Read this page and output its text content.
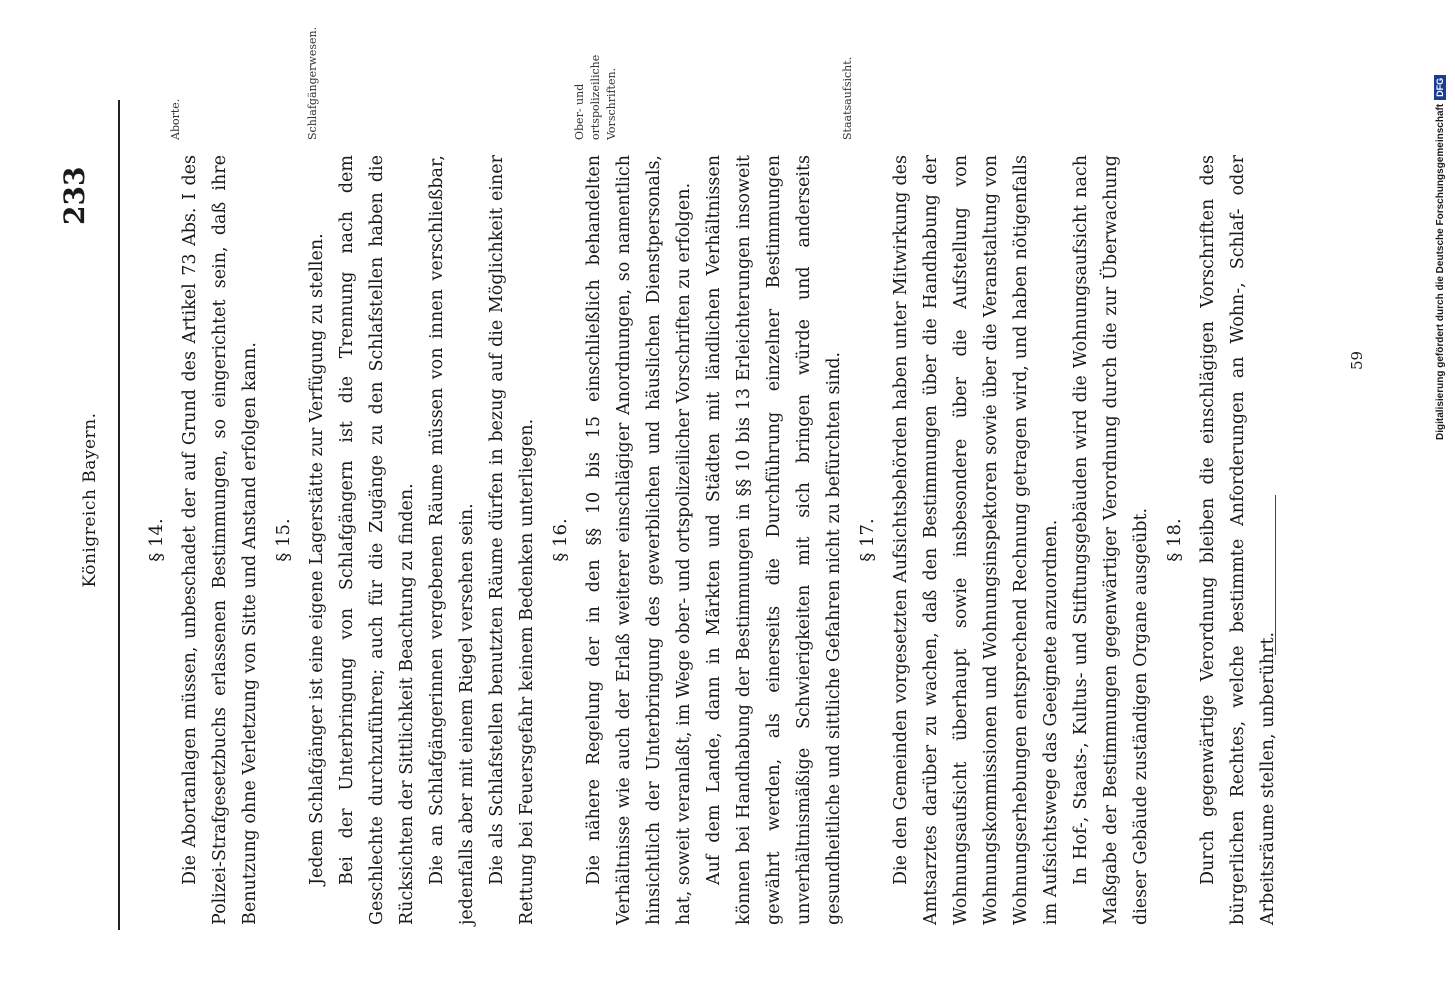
Königreich Bayern.
233
§ 14. Die Abortanlagen müssen, unbeschadet der auf Grund des Artikel 73 Abs. I des Polizei-Strafgesetzbuchs erlassenen Bestimmungen, so eingerichtet sein, daß ihre Benutzung ohne Verletzung von Sitte und Anstand erfolgen kann. § 15. Jedem Schlafgänger ist eine eigene Lagerstätte zur Verfügung zu stellen. Bei der Unterbringung von Schlafgängern ist die Trennung nach dem Geschlechte durchzuführen; auch für die Zugänge zu den Schlafstellen haben die Rücksichten der Sittlichkeit Beachtung zu finden. Die an Schlafgängerinnen vergebenen Räume müssen von innen verschließbar, jedenfalls aber mit einem Riegel versehen sein. Die als Schlafstellen benutzten Räume dürfen in bezug auf die Möglichkeit einer Rettung bei Feuersgefahr keinem Bedenken unterliegen. § 16. Die nähere Regelung der in den §§ 10 bis 15 einschließlich behandelten Verhältnisse wie auch der Erlaß weiterer einschlägiger Anordnungen, so namentlich hinsichtlich der Unterbringung des gewerblichen und häuslichen Dienstpersonals, hat, soweit veranlaßt, im Wege ober- und ortspolizeilicher Vorschriften zu erfolgen. Auf dem Lande, dann in Märkten und Städten mit ländlichen Verhältnissen können bei Handhabung der Bestimmungen in §§ 10 bis 13 Erleichterungen insoweit gewährt werden, als einerseits die Durchführung einzelner Bestimmungen unverhältnismäßige Schwierigkeiten mit sich bringen würde und anderseits gesundheitliche und sittliche Gefahren nicht zu befürchten sind. § 17. Die den Gemeinden vorgesetzten Aufsichtsbehörden haben unter Mitwirkung des Amtsarztes darüber zu wachen, daß den Bestimmungen über die Handhabung der Wohnungsaufsicht überhaupt sowie insbesondere über die Aufstellung von Wohnungskommissionen und Wohnungsinspektoren sowie über die Veranstaltung von Wohnungserhebungen entsprechend Rechnung getragen wird, und haben nötigenfalls im Aufsichtswege das Geeignete anzuordnen. In Hof-, Staats-, Kultus- und Stiftungsgebäuden wird die Wohnungsaufsicht nach Maßgabe der Bestimmungen gegenwärtiger Verordnung durch die zur Überwachung dieser Gebäude zuständigen Organe ausgeübt. § 18. Durch gegenwärtige Verordnung bleiben die einschlägigen Vorschriften des bürgerlichen Rechtes, welche bestimmte Anforderungen an Wohn-, Schlaf- oder Arbeitsräume stellen, unberührt.

Aborte.	Schlafgängerwesen.	Ober- und ortspolizeiliche Vorschriften.	Staatsaufsicht.
59	Digitalisierung gefördert durch die Deutsche Forschungsgemeinschaft
DFG
